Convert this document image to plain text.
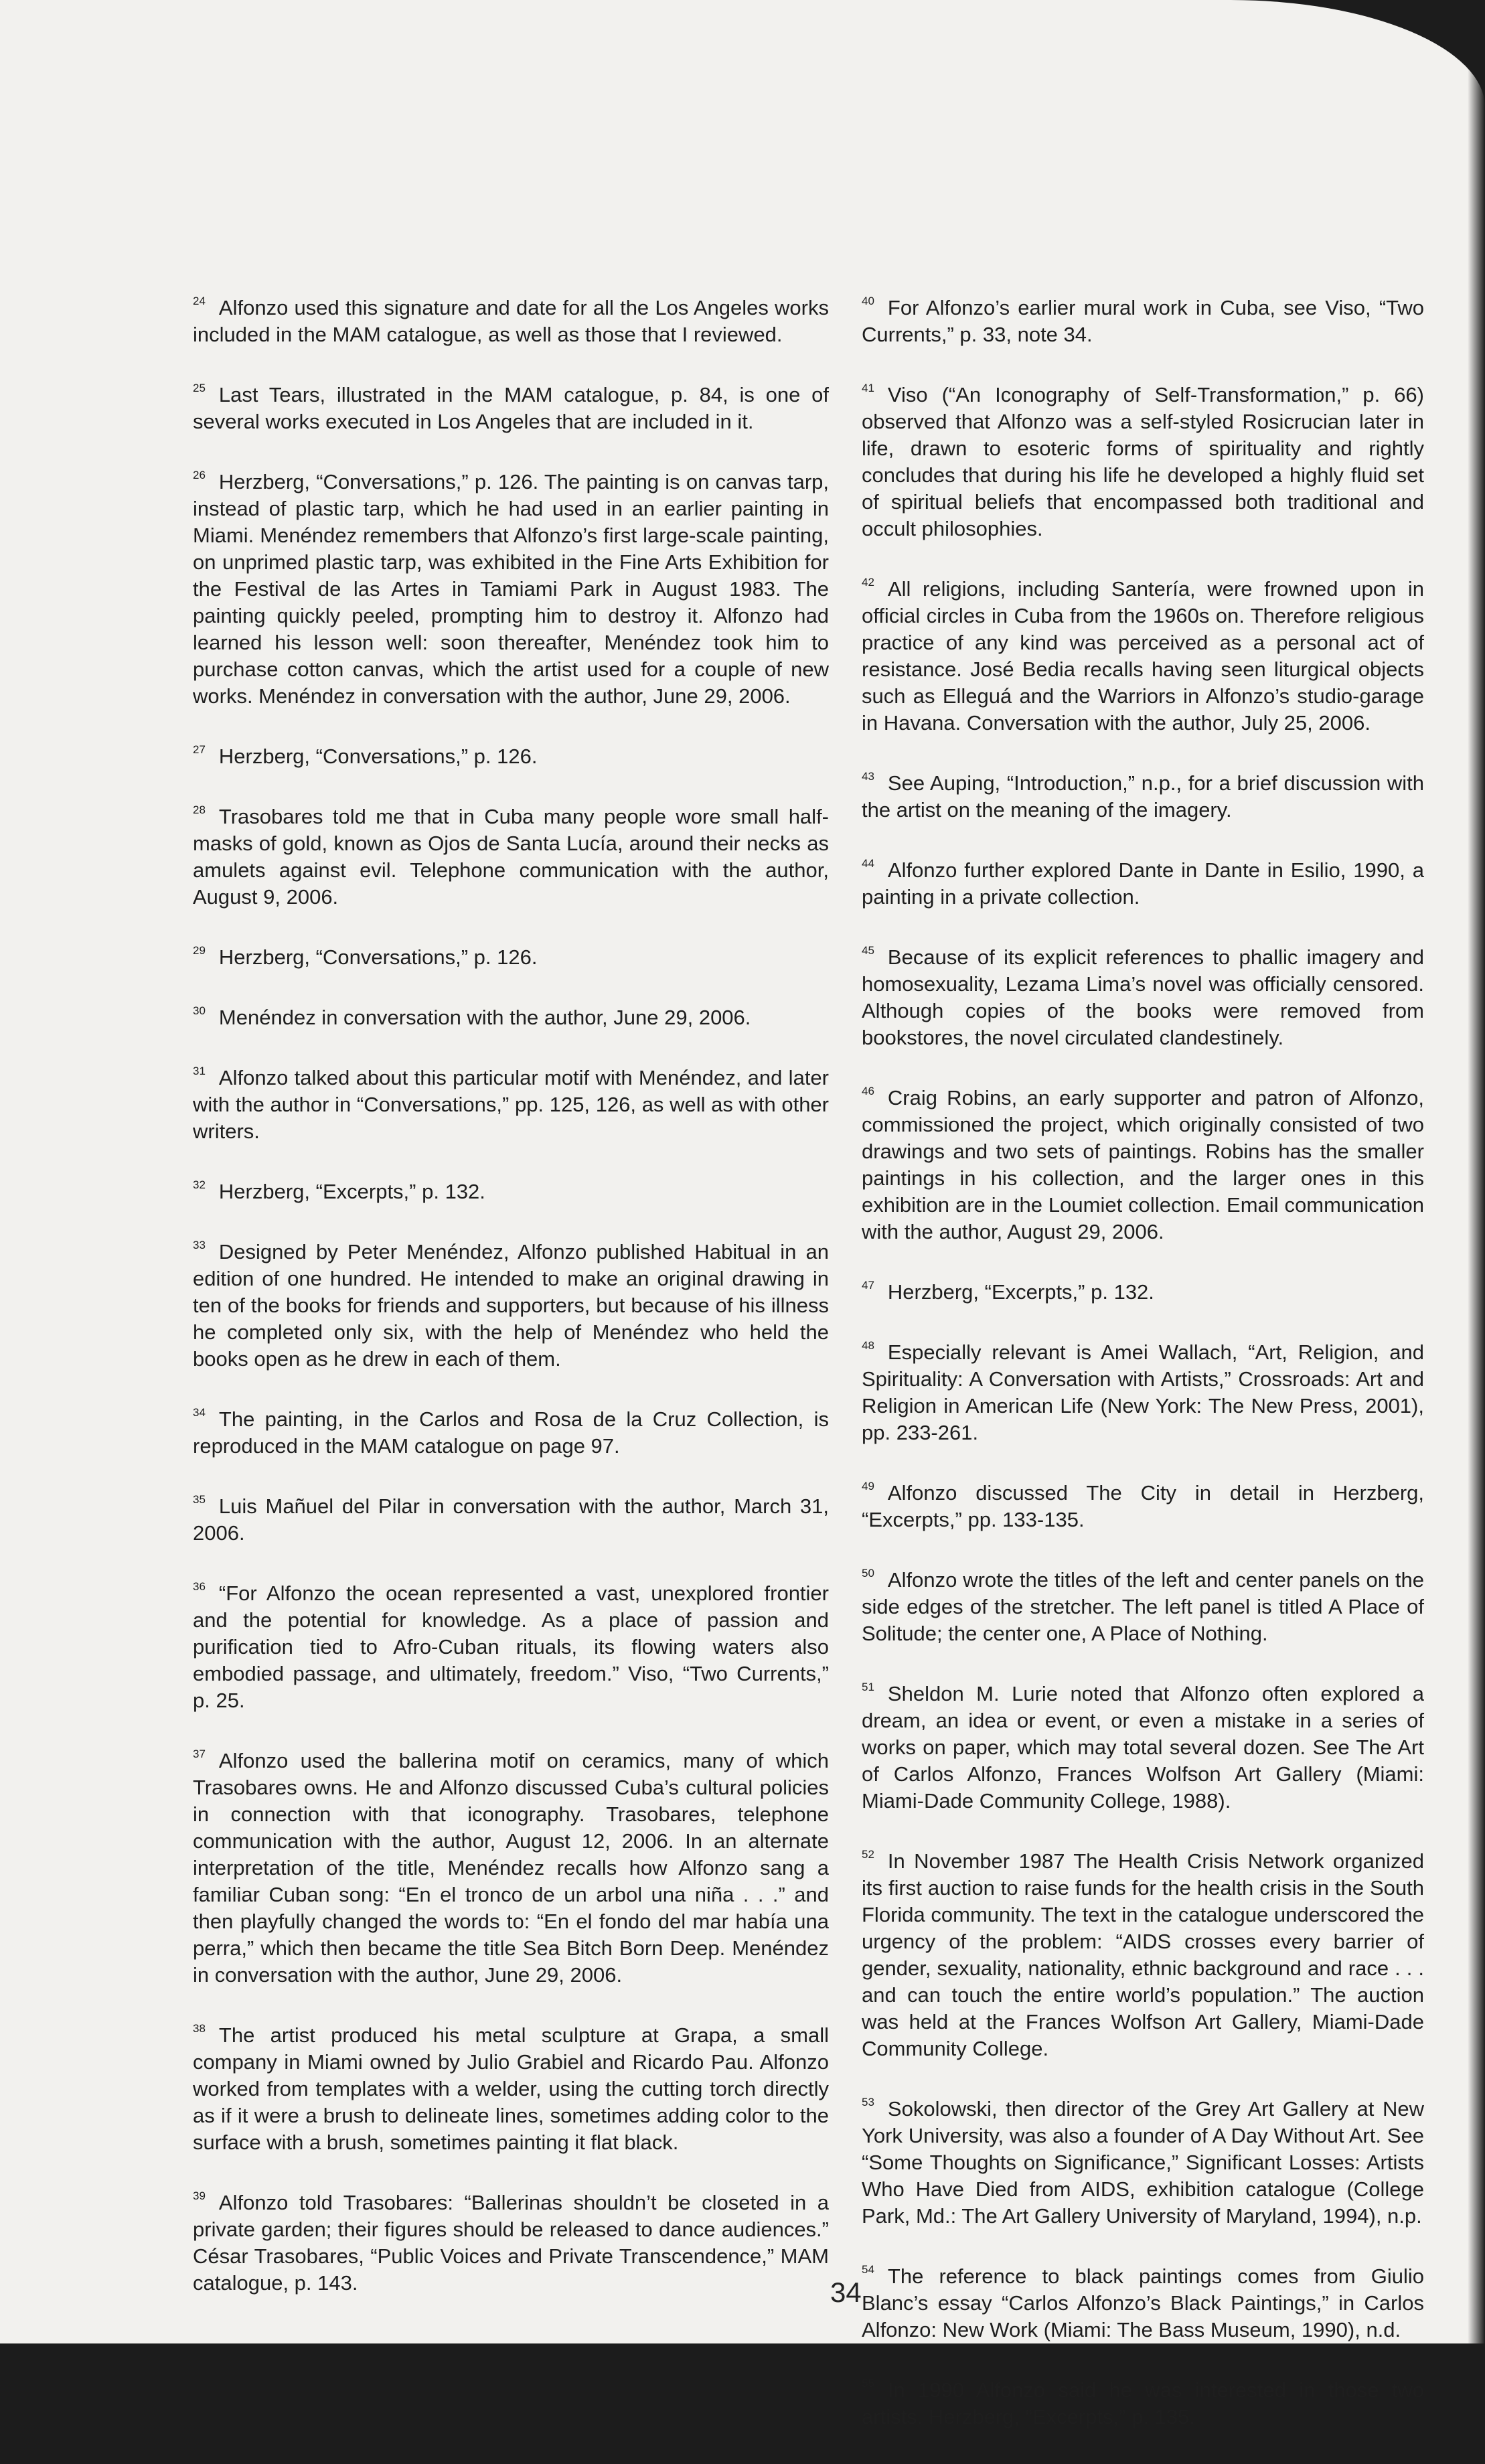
24 Alfonzo used this signature and date for all the Los Angeles works included in the MAM catalogue, as well as those that I reviewed.

25 Last Tears, illustrated in the MAM catalogue, p. 84, is one of several works executed in Los Angeles that are included in it.

26 Herzberg, “Conversations,” p. 126. The painting is on canvas tarp, instead of plastic tarp, which he had used in an earlier painting in Miami. Menéndez remembers that Alfonzo’s first large-scale painting, on unprimed plastic tarp, was exhibited in the Fine Arts Exhibition for the Festival de las Artes in Tamiami Park in August 1983. The painting quickly peeled, prompting him to destroy it. Alfonzo had learned his lesson well: soon thereafter, Menéndez took him to purchase cotton canvas, which the artist used for a couple of new works. Menéndez in conversation with the author, June 29, 2006.

27 Herzberg, “Conversations,” p. 126.

28 Trasobares told me that in Cuba many people wore small half-masks of gold, known as Ojos de Santa Lucía, around their necks as amulets against evil. Telephone communication with the author, August 9, 2006.

29 Herzberg, “Conversations,” p. 126.

30 Menéndez in conversation with the author, June 29, 2006.

31 Alfonzo talked about this particular motif with Menéndez, and later with the author in “Conversations,” pp. 125, 126, as well as with other writers.

32 Herzberg, “Excerpts,” p. 132.

33 Designed by Peter Menéndez, Alfonzo published Habitual in an edition of one hundred. He intended to make an original drawing in ten of the books for friends and supporters, but because of his illness he completed only six, with the help of Menéndez who held the books open as he drew in each of them.

34 The painting, in the Carlos and Rosa de la Cruz Collection, is reproduced in the MAM catalogue on page 97.

35 Luis Mañuel del Pilar in conversation with the author, March 31, 2006.

36 “For Alfonzo the ocean represented a vast, unexplored frontier and the potential for knowledge. As a place of passion and purification tied to Afro-Cuban rituals, its flowing waters also embodied passage, and ultimately, freedom.” Viso, “Two Currents,” p. 25.

37 Alfonzo used the ballerina motif on ceramics, many of which Trasobares owns. He and Alfonzo discussed Cuba’s cultural policies in connection with that iconography. Trasobares, telephone communication with the author, August 12, 2006. In an alternate interpretation of the title, Menéndez recalls how Alfonzo sang a familiar Cuban song: “En el tronco de un arbol una niña . . .” and then playfully changed the words to: “En el fondo del mar había una perra,” which then became the title Sea Bitch Born Deep. Menéndez in conversation with the author, June 29, 2006.

38 The artist produced his metal sculpture at Grapa, a small company in Miami owned by Julio Grabiel and Ricardo Pau. Alfonzo worked from templates with a welder, using the cutting torch directly as if it were a brush to delineate lines, sometimes adding color to the surface with a brush, sometimes painting it flat black.

39 Alfonzo told Trasobares: “Ballerinas shouldn’t be closeted in a private garden; their figures should be released to dance audiences.” César Trasobares, “Public Voices and Private Transcendence,” MAM catalogue, p. 143.

40 For Alfonzo’s earlier mural work in Cuba, see Viso, “Two Currents,” p. 33, note 34.

41 Viso (“An Iconography of Self-Transformation,” p. 66) observed that Alfonzo was a self-styled Rosicrucian later in life, drawn to esoteric forms of spirituality and rightly concludes that during his life he developed a highly fluid set of spiritual beliefs that encompassed both traditional and occult philosophies.

42 All religions, including Santería, were frowned upon in official circles in Cuba from the 1960s on. Therefore religious practice of any kind was perceived as a personal act of resistance. José Bedia recalls having seen liturgical objects such as Elleguá and the Warriors in Alfonzo’s studio-garage in Havana. Conversation with the author, July 25, 2006.

43 See Auping, “Introduction,” n.p., for a brief discussion with the artist on the meaning of the imagery.

44 Alfonzo further explored Dante in Dante in Esilio, 1990, a painting in a private collection.

45 Because of its explicit references to phallic imagery and homosexuality, Lezama Lima’s novel was officially censored. Although copies of the books were removed from bookstores, the novel circulated clandestinely.

46 Craig Robins, an early supporter and patron of Alfonzo, commissioned the project, which originally consisted of two drawings and two sets of paintings. Robins has the smaller paintings in his collection, and the larger ones in this exhibition are in the Loumiet collection. Email communication with the author, August 29, 2006.

47 Herzberg, “Excerpts,” p. 132.

48 Especially relevant is Amei Wallach, “Art, Religion, and Spirituality: A Conversation with Artists,” Crossroads: Art and Religion in American Life (New York: The New Press, 2001), pp. 233-261.

49 Alfonzo discussed The City in detail in Herzberg, “Excerpts,” pp. 133-135.

50 Alfonzo wrote the titles of the left and center panels on the side edges of the stretcher. The left panel is titled A Place of Solitude; the center one, A Place of Nothing.

51 Sheldon M. Lurie noted that Alfonzo often explored a dream, an idea or event, or even a mistake in a series of works on paper, which may total several dozen. See The Art of Carlos Alfonzo, Frances Wolfson Art Gallery (Miami: Miami-Dade Community College, 1988).

52 In November 1987 The Health Crisis Network organized its first auction to raise funds for the health crisis in the South Florida community. The text in the catalogue underscored the urgency of the problem: “AIDS crosses every barrier of gender, sexuality, nationality, ethnic background and race . . . and can touch the entire world’s population.” The auction was held at the Frances Wolfson Art Gallery, Miami-Dade Community College.

53 Sokolowski, then director of the Grey Art Gallery at New York University, was also a founder of A Day Without Art. See “Some Thoughts on Significance,” Significant Losses: Artists Who Have Died from AIDS, exhibition catalogue (College Park, Md.: The Art Gallery University of Maryland, 1994), n.p.

54 The reference to black paintings comes from Giulio Blanc’s essay “Carlos Alfonzo’s Black Paintings,” in Carlos Alfonzo: New Work (Miami: The Bass Museum, 1990), n.d.

55 In 1990 Alfonzo said he was interested in those two artists. Herzberg, “Excerpts,” p. 135.

34
